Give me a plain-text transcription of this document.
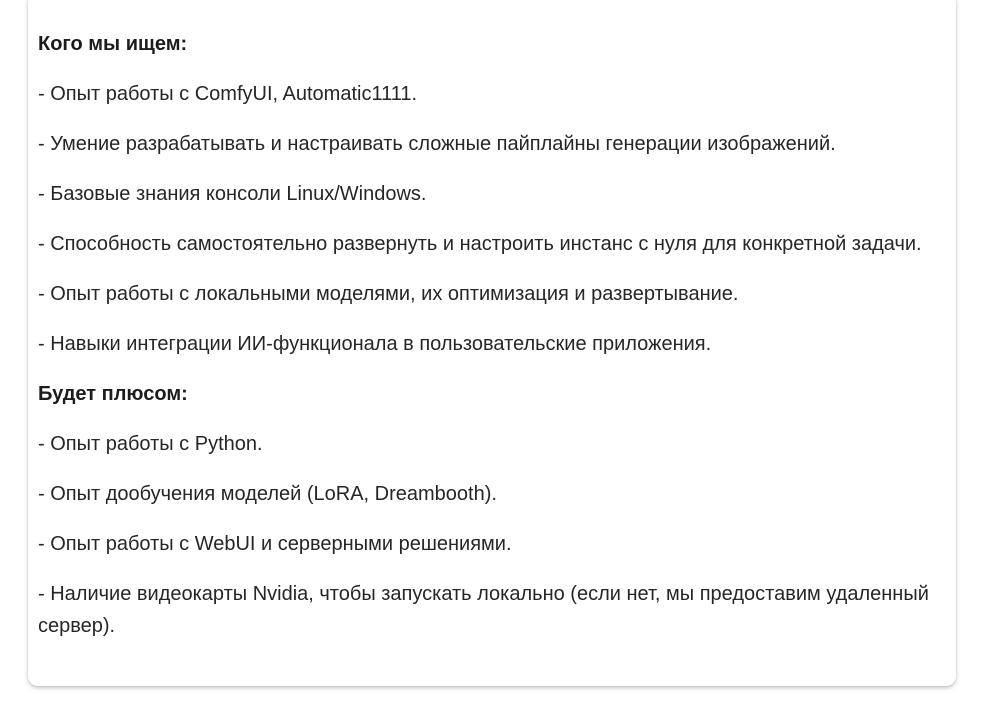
Кого мы ищем:
- Опыт работы с ComfyUI, Automatic1111.
- Умение разрабатывать и настраивать сложные пайплайны генерации изображений.
- Базовые знания консоли Linux/Windows.
- Способность самостоятельно развернуть и настроить инстанс с нуля для конкретной задачи.
- Опыт работы с локальными моделями, их оптимизация и развертывание.
- Навыки интеграции ИИ-функционала в пользовательские приложения.
Будет плюсом:
- Опыт работы с Python.
- Опыт дообучения моделей (LoRA, Dreambooth).
- Опыт работы с WebUI и серверными решениями.
- Наличие видеокарты Nvidia, чтобы запускать локально (если нет, мы предоставим удаленный сервер).
